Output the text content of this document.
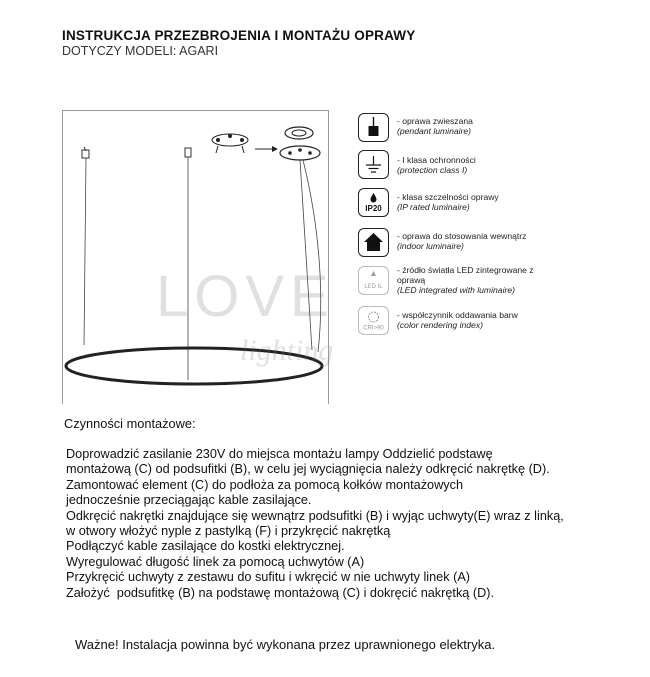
INSTRUKCJA PRZEZBROJENIA I MONTAŻU OPRAWY
DOTYCZY MODELI: AGARI
LOVE
lighting
IP20
LED IL
CRI>90
- oprawa zwieszana
(pendant luminaire)
- I klasa ochronności
(protection class I)
- klasa szczelności oprawy
(IP rated luminaire)
- oprawa do stosowania wewnątrz
(indoor luminaire)
- źródło światła LED zintegrowane z oprawą
(LED integrated with luminaire)
- współczynnik oddawania barw
(color rendering index)
Czynności montażowe:

Doprowadzić zasilanie 230V do miejsca montażu lampy Oddzielić podstawę

montażową (C) od podsufitki (B), w celu jej wyciągnięcia należy odkręcić nakrętkę (D).

Zamontować element (C) do podłoża za pomocą kołków montażowych

jednocześnie przeciągając kable zasilające.

Odkręcić nakrętki znajdujące się wewnątrz podsufitki (B) i wyjąc uchwyty(E) wraz z linką,

w otwory włożyć nyple z pastylką (F) i przykręcić nakrętką

Podłączyć kable zasilające do kostki elektrycznej.

Wyregulować długość linek za pomocą uchwytów (A)

Przykręcić uchwyty z zestawu do sufitu i wkręcić w nie uchwyty linek (A)

Założyć  podsufitkę (B) na podstawę montażową (C) i dokręcić nakrętką (D).

Ważne! Instalacja powinna być wykonana przez uprawnionego elektryka.
